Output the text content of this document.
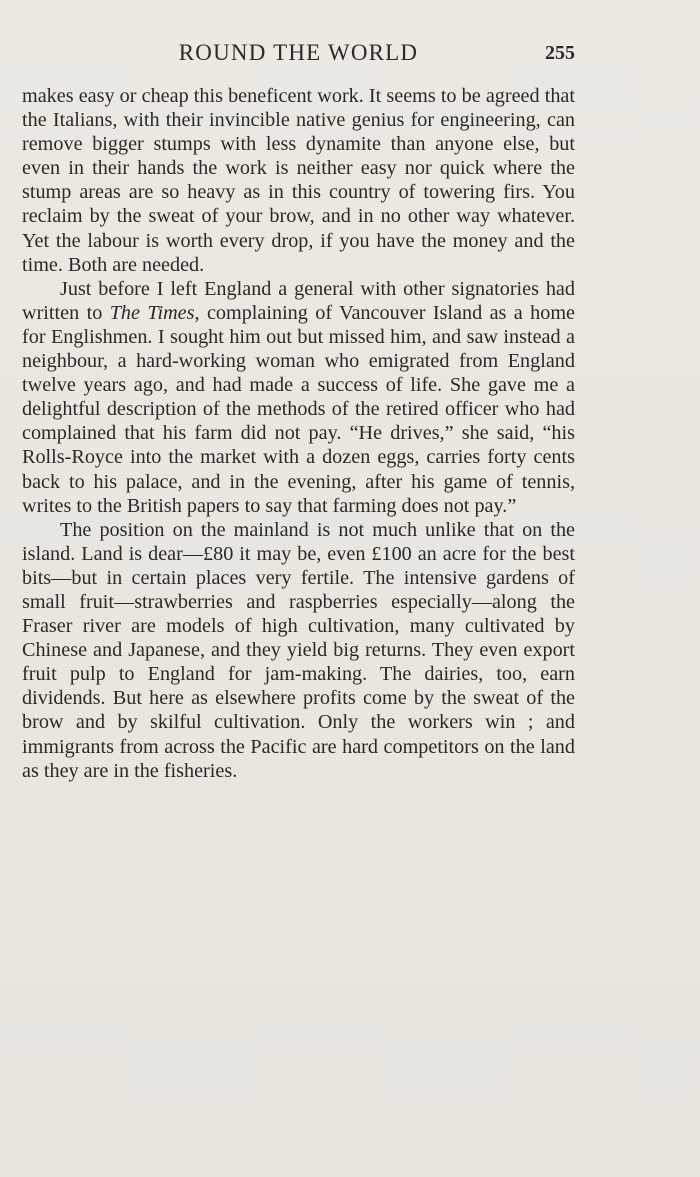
ROUND THE WORLD	255

makes easy or cheap this beneficent work. It seems to be agreed that the Italians, with their invincible native genius for engineering, can remove bigger stumps with less dynamite than anyone else, but even in their hands the work is neither easy nor quick where the stump areas are so heavy as in this country of towering firs. You reclaim by the sweat of your brow, and in no other way whatever. Yet the labour is worth every drop, if you have the money and the time. Both are needed.

Just before I left England a general with other signatories had written to The Times, complaining of Vancouver Island as a home for Englishmen. I sought him out but missed him, and saw instead a neighbour, a hard-working woman who emigrated from England twelve years ago, and had made a success of life. She gave me a delightful description of the methods of the retired officer who had complained that his farm did not pay. “He drives,” she said, “his Rolls-Royce into the market with a dozen eggs, carries forty cents back to his palace, and in the evening, after his game of tennis, writes to the British papers to say that farming does not pay.”

The position on the mainland is not much unlike that on the island. Land is dear—£80 it may be, even £100 an acre for the best bits—but in certain places very fertile. The intensive gardens of small fruit—strawberries and raspberries especially—along the Fraser river are models of high cultivation, many cultivated by Chinese and Japanese, and they yield big returns. They even export fruit pulp to England for jam-making. The dairies, too, earn dividends. But here as elsewhere profits come by the sweat of the brow and by skilful cultivation. Only the workers win ; and immigrants from across the Pacific are hard competitors on the land as they are in the fisheries.
